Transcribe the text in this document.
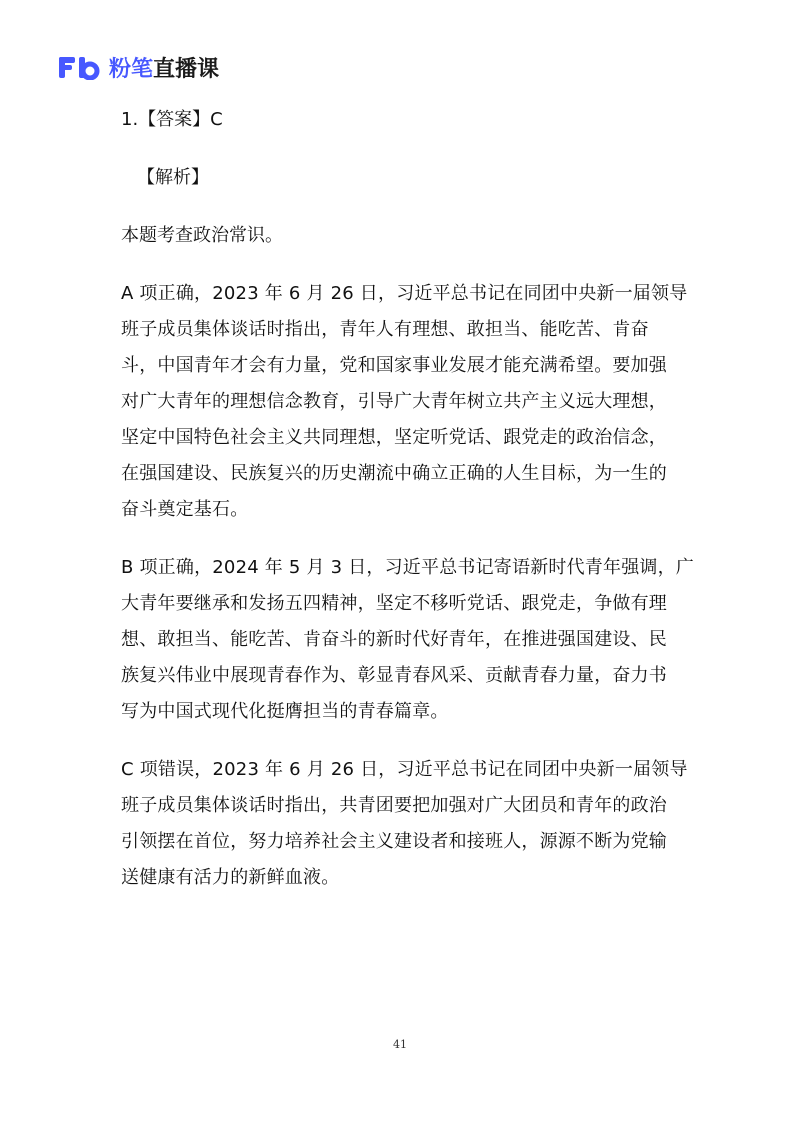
粉笔 直播课
1.【答案】C
【解析】
本题考查政治常识。
A 项正确，2023 年 6 月 26 日，习近平总书记在同团中央新一届领导
班子成员集体谈话时指出，青年人有理想、敢担当、能吃苦、肯奋
斗，中国青年才会有力量，党和国家事业发展才能充满希望。要加强
对广大青年的理想信念教育，引导广大青年树立共产主义远大理想，
坚定中国特色社会主义共同理想，坚定听党话、跟党走的政治信念，
在强国建设、民族复兴的历史潮流中确立正确的人生目标，为一生的
奋斗奠定基石。
B 项正确，2024 年 5 月 3 日，习近平总书记寄语新时代青年强调，广
大青年要继承和发扬五四精神，坚定不移听党话、跟党走，争做有理
想、敢担当、能吃苦、肯奋斗的新时代好青年，在推进强国建设、民
族复兴伟业中展现青春作为、彰显青春风采、贡献青春力量，奋力书
写为中国式现代化挺膺担当的青春篇章。
C 项错误，2023 年 6 月 26 日，习近平总书记在同团中央新一届领导
班子成员集体谈话时指出，共青团要把加强对广大团员和青年的政治
引领摆在首位，努力培养社会主义建设者和接班人，源源不断为党输
送健康有活力的新鲜血液。
41
